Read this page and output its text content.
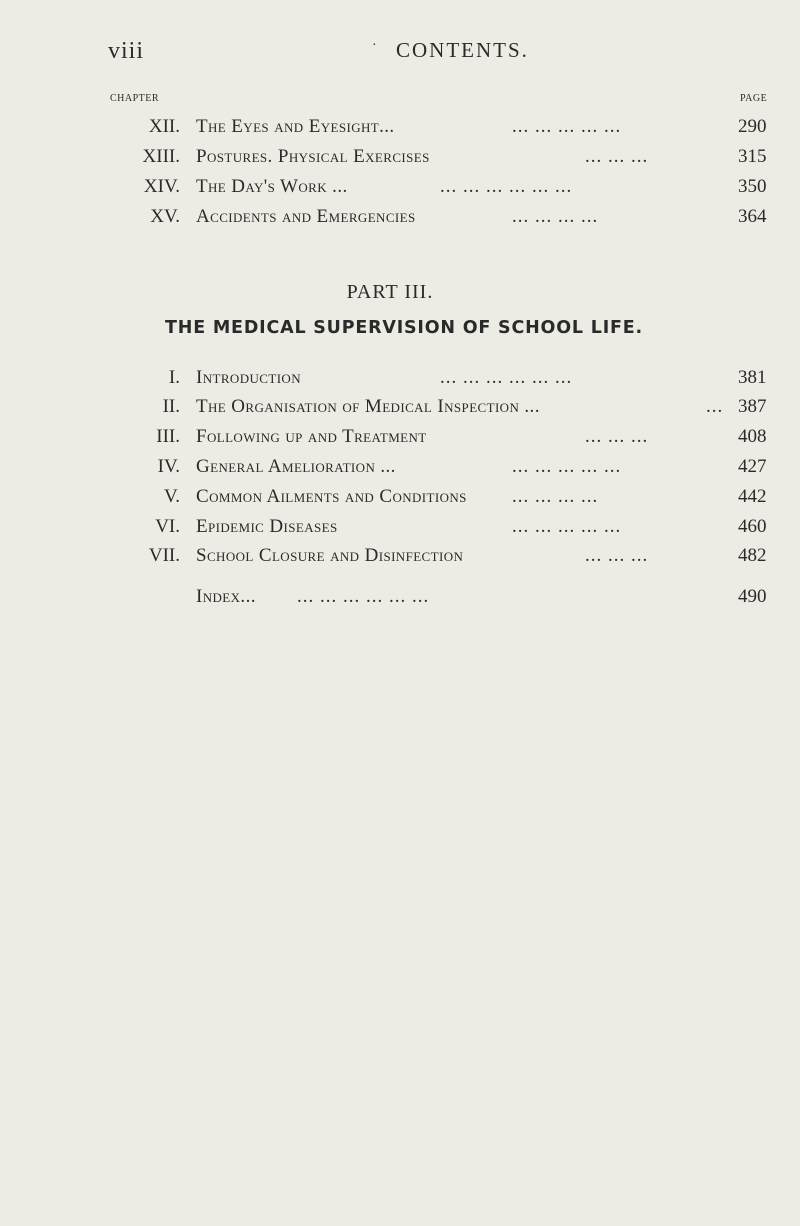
viii	· CONTENTS.
CHAPTER	PAGE
XII. The Eyes and Eyesight...	... ... ... ... ...	290
XIII. Postures. Physical Exercises	... ... ...	315
XIV. The Day's Work ...	... ... ... ... ... ...	350
XV. Accidents and Emergencies	... ... ... ...	364
PART III.
THE MEDICAL SUPERVISION OF SCHOOL LIFE.
I. Introduction	... ... ... ... ... ...	381
II. The Organisation of Medical Inspection ...	... 387
III. Following up and Treatment	... ... ...	408
IV. General Amelioration ...	... ... ... ... ...	427
V. Common Ailments and Conditions ... ... ... ...	442
VI. Epidemic Diseases	... ... ... ... ...	460
VII. School Closure and Disinfection	... ... ...	482
Index... ... ... ... ... ... ...	490
